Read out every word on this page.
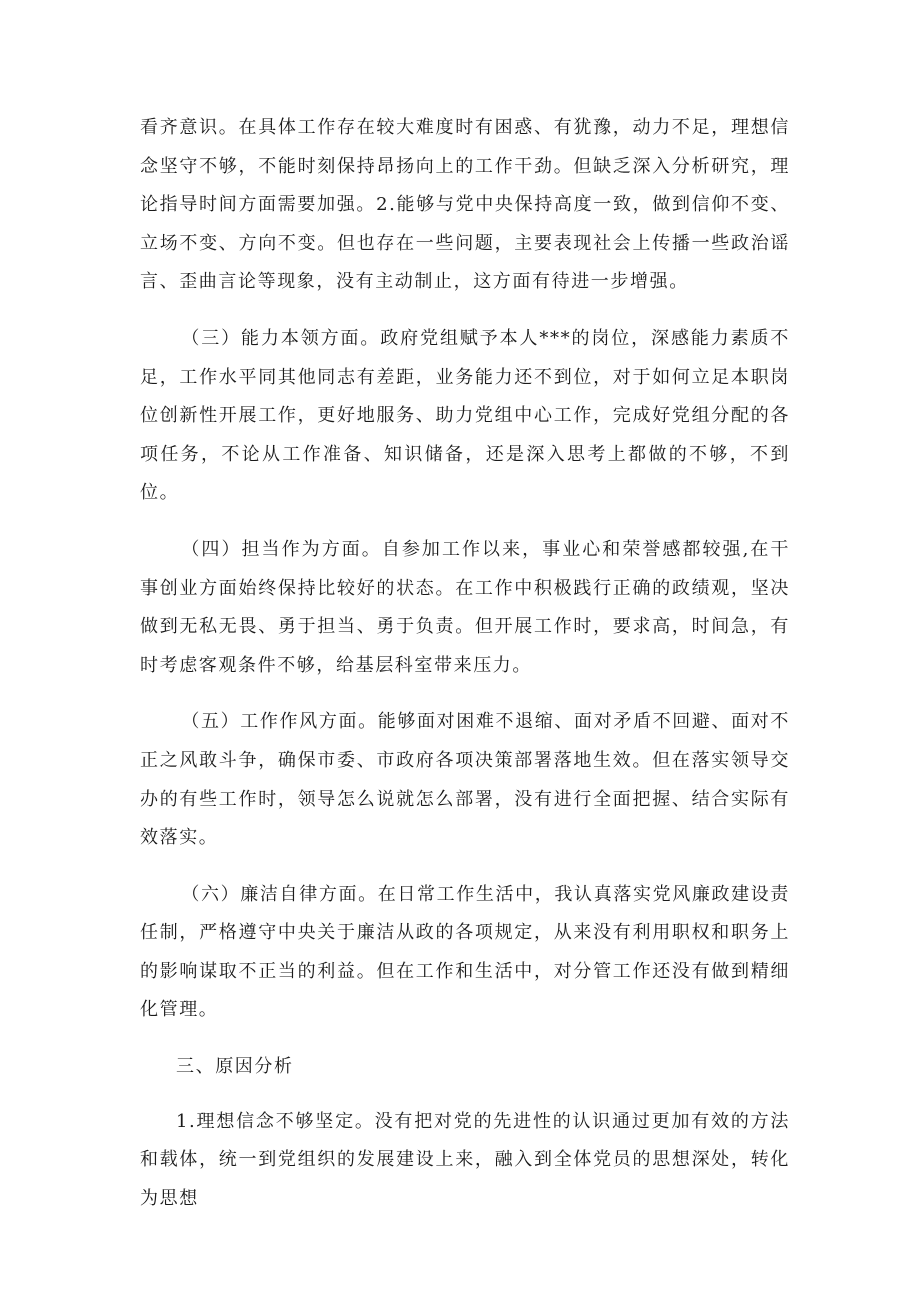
看齐意识。在具体工作存在较大难度时有困惑、有犹豫，动力不足，理想信念坚守不够，不能时刻保持昂扬向上的工作干劲。但缺乏深入分析研究，理论指导时间方面需要加强。2.能够与党中央保持高度一致，做到信仰不变、立场不变、方向不变。但也存在一些问题，主要表现社会上传播一些政治谣言、歪曲言论等现象，没有主动制止，这方面有待进一步增强。

（三）能力本领方面。政府党组赋予本人***的岗位，深感能力素质不足，工作水平同其他同志有差距，业务能力还不到位，对于如何立足本职岗位创新性开展工作，更好地服务、助力党组中心工作，完成好党组分配的各项任务，不论从工作准备、知识储备，还是深入思考上都做的不够，不到位。

（四）担当作为方面。自参加工作以来，事业心和荣誉感都较强,在干事创业方面始终保持比较好的状态。在工作中积极践行正确的政绩观，坚决做到无私无畏、勇于担当、勇于负责。但开展工作时，要求高，时间急，有时考虑客观条件不够，给基层科室带来压力。

（五）工作作风方面。能够面对困难不退缩、面对矛盾不回避、面对不正之风敢斗争，确保市委、市政府各项决策部署落地生效。但在落实领导交办的有些工作时，领导怎么说就怎么部署，没有进行全面把握、结合实际有效落实。

（六）廉洁自律方面。在日常工作生活中，我认真落实党风廉政建设责任制，严格遵守中央关于廉洁从政的各项规定，从来没有利用职权和职务上的影响谋取不正当的利益。但在工作和生活中，对分管工作还没有做到精细化管理。

三、原因分析

1.理想信念不够坚定。没有把对党的先进性的认识通过更加有效的方法和载体，统一到党组织的发展建设上来，融入到全体党员的思想深处，转化为思想
